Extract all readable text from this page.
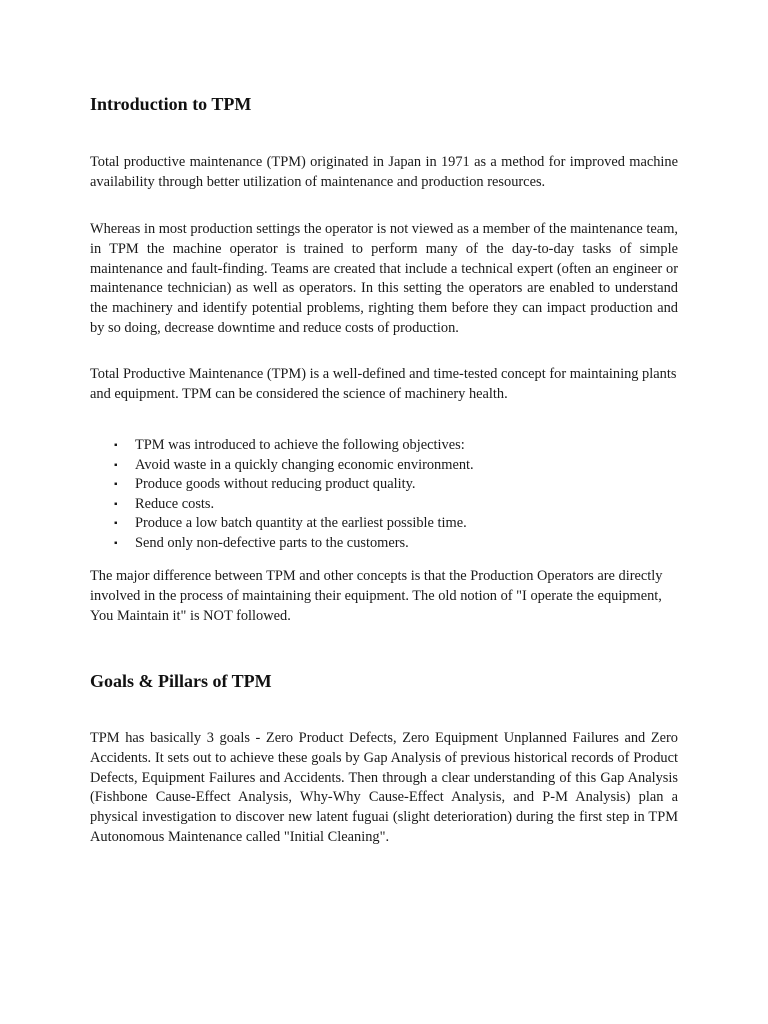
Introduction to TPM

Total productive maintenance (TPM) originated in Japan in 1971 as a method for improved machine availability through better utilization of maintenance and production resources.

Whereas in most production settings the operator is not viewed as a member of the maintenance team, in TPM the machine operator is trained to perform many of the day-to-day tasks of simple maintenance and fault-finding. Teams are created that include a technical expert (often an engineer or maintenance technician) as well as operators. In this setting the operators are enabled to understand the machinery and identify potential problems, righting them before they can impact production and by so doing, decrease downtime and reduce costs of production.

Total Productive Maintenance (TPM) is a well-defined and time-tested concept for maintaining plants and equipment. TPM can be considered the science of machinery health.

▪ TPM was introduced to achieve the following objectives:
▪ Avoid waste in a quickly changing economic environment.
▪ Produce goods without reducing product quality.
▪ Reduce costs.
▪ Produce a low batch quantity at the earliest possible time.
▪ Send only non-defective parts to the customers.

The major difference between TPM and other concepts is that the Production Operators are directly involved in the process of maintaining their equipment. The old notion of "I operate the equipment, You Maintain it" is NOT followed.

Goals & Pillars of TPM

TPM has basically 3 goals - Zero Product Defects, Zero Equipment Unplanned Failures and Zero Accidents. It sets out to achieve these goals by Gap Analysis of previous historical records of Product Defects, Equipment Failures and Accidents. Then through a clear understanding of this Gap Analysis (Fishbone Cause-Effect Analysis, Why-Why Cause-Effect Analysis, and P-M Analysis) plan a physical investigation to discover new latent fuguai (slight deterioration) during the first step in TPM Autonomous Maintenance called "Initial Cleaning".
